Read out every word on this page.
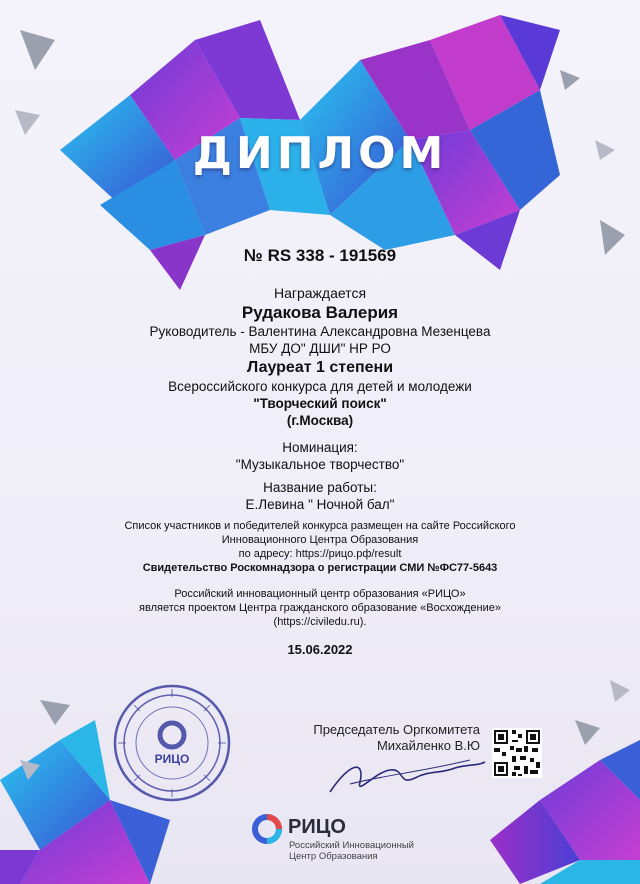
ДИПЛОМ
№ RS 338 - 191569

Награждается

Рудакова Валерия

Руководитель - Валентина Александровна Мезенцева

МБУ ДО" ДШИ" НР РО

Лауреат 1 степени

Всероссийского конкурса для детей и молодежи

"Творческий поиск"

(г.Москва)

Номинация:

"Музыкальное творчество"

Название работы:

Е.Левина " Ночной бал"

Список участников и победителей конкурса размещен на сайте Российского

Инновационного Центра Образования

по адресу: https://рицо.рф/result

Свидетельство Роскомнадзора о регистрации СМИ №ФС77-5643

Российский инновационный центр образования «РИЦО»

является проектом Центра гражданского образование «Восхождение»

(https://civiledu.ru).

15.06.2022

РИЦО
Председатель Оргкомитета
Михайленко В.Ю
РИЦО
Российский Инновационный
Центр Образования
